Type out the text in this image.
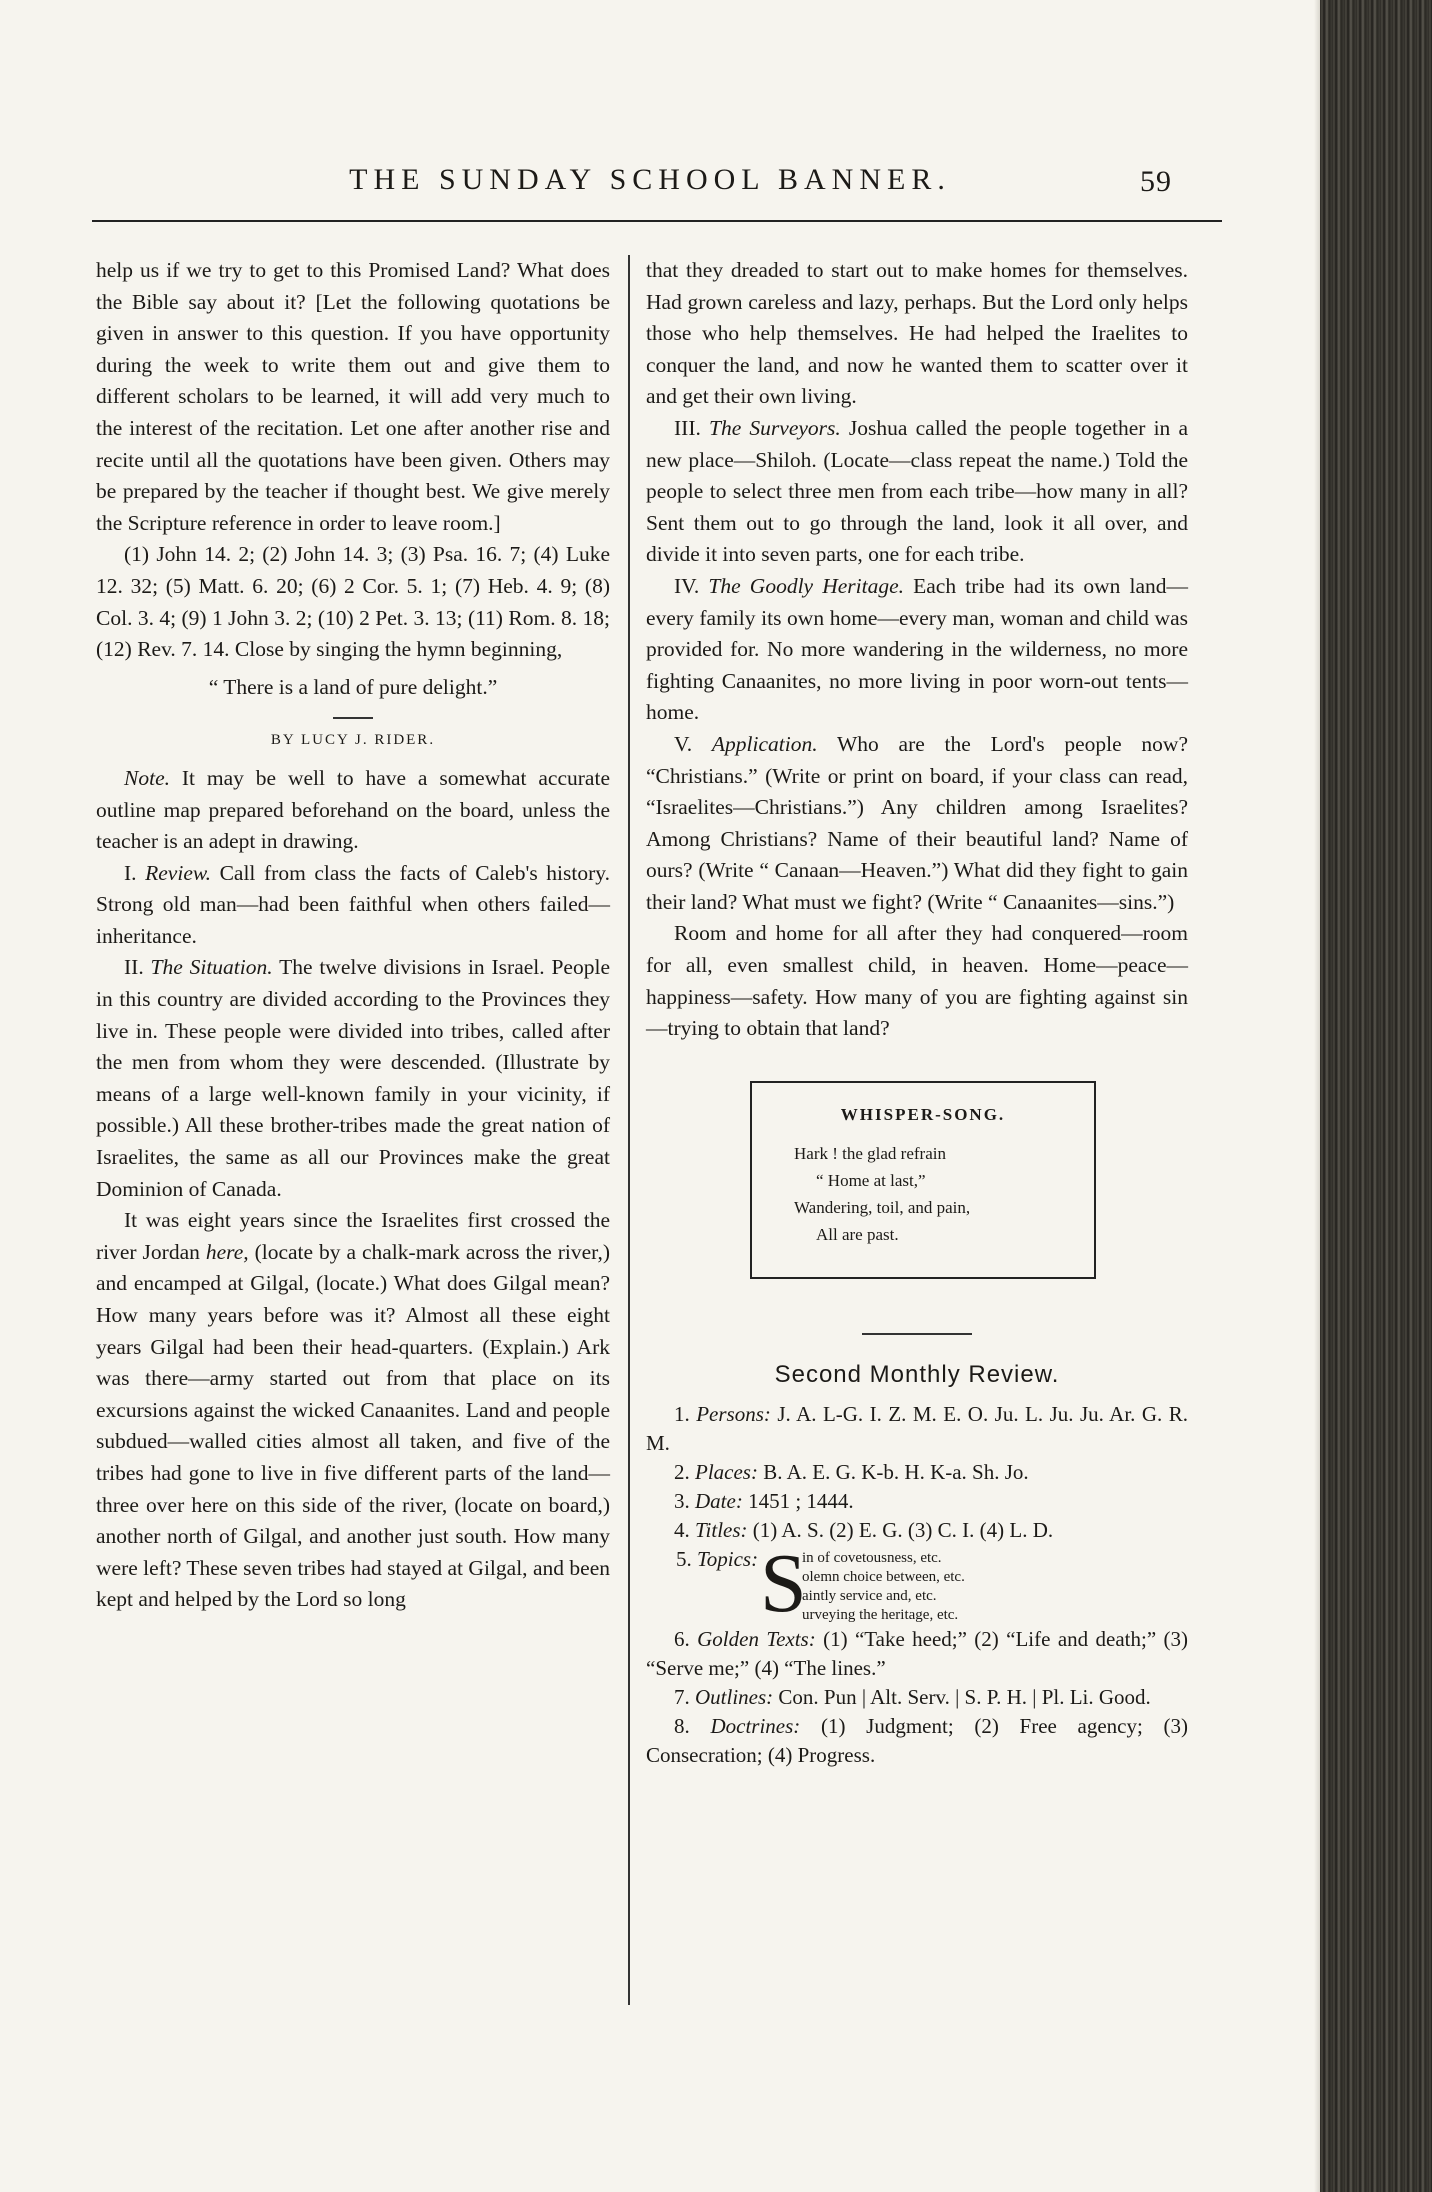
THE SUNDAY SCHOOL BANNER.	59

help us if we try to get to this Promised Land? What does the Bible say about it? [Let the following quotations be given in answer to this question. If you have opportunity during the week to write them out and give them to different scholars to be learned, it will add very much to the interest of the recitation. Let one after another rise and recite until all the quotations have been given. Others may be prepared by the teacher if thought best. We give merely the Scripture reference in order to leave room.]

(1) John 14. 2; (2) John 14. 3; (3) Psa. 16. 7; (4) Luke 12. 32; (5) Matt. 6. 20; (6) 2 Cor. 5. 1; (7) Heb. 4. 9; (8) Col. 3. 4; (9) 1 John 3. 2; (10) 2 Pet. 3. 13; (11) Rom. 8. 18; (12) Rev. 7. 14. Close by singing the hymn beginning,

“ There is a land of pure delight.”

BY LUCY J. RIDER.

Note. It may be well to have a somewhat accurate outline map prepared beforehand on the board, unless the teacher is an adept in drawing.

I. Review. Call from class the facts of Caleb's history. Strong old man—had been faithful when others failed—inheritance.

II. The Situation. The twelve divisions in Israel. People in this country are divided according to the Provinces they live in. These people were divided into tribes, called after the men from whom they were descended. (Illustrate by means of a large well-known family in your vicinity, if possible.) All these brother-tribes made the great nation of Israelites, the same as all our Provinces make the great Dominion of Canada.

It was eight years since the Israelites first crossed the river Jordan here, (locate by a chalk-mark across the river,) and encamped at Gilgal, (locate.) What does Gilgal mean? How many years before was it? Almost all these eight years Gilgal had been their head-quarters. (Explain.) Ark was there—army started out from that place on its excursions against the wicked Canaanites. Land and people subdued—walled cities almost all taken, and five of the tribes had gone to live in five different parts of the land—three over here on this side of the river, (locate on board,) another north of Gilgal, and another just south. How many were left? These seven tribes had stayed at Gilgal, and been kept and helped by the Lord so long

that they dreaded to start out to make homes for themselves. Had grown careless and lazy, perhaps. But the Lord only helps those who help themselves. He had helped the Iraelites to conquer the land, and now he wanted them to scatter over it and get their own living.

III. The Surveyors. Joshua called the people together in a new place—Shiloh. (Locate—class repeat the name.) Told the people to select three men from each tribe—how many in all? Sent them out to go through the land, look it all over, and divide it into seven parts, one for each tribe.

IV. The Goodly Heritage. Each tribe had its own land—every family its own home—every man, woman and child was provided for. No more wandering in the wilderness, no more fighting Canaanites, no more living in poor worn-out tents—home.

V. Application. Who are the Lord's people now? “Christians.” (Write or print on board, if your class can read, “Israelites—Christians.”) Any children among Israelites? Among Christians? Name of their beautiful land? Name of ours? (Write “ Canaan—Heaven.”) What did they fight to gain their land? What must we fight? (Write “ Canaanites—sins.”)

Room and home for all after they had conquered—room for all, even smallest child, in heaven. Home—peace—happiness—safety. How many of you are fighting against sin—trying to obtain that land?

WHISPER-SONG.
Hark ! the glad refrain
“ Home at last,”
Wandering, toil, and pain,
All are past.
Second Monthly Review.

1. Persons: J. A. L-G. I. Z. M. E. O. Ju. L. Ju. Ju. Ar. G. R. M.

2. Places: B. A. E. G. K-b. H. K-a. Sh. Jo.

3. Date: 1451 ; 1444.

4. Titles: (1) A. S. (2) E. G. (3) C. I. (4) L. D.

5. Topics: S
in of covetousness, etc.
olemn choice between, etc.
aintly service and, etc.
urveying the heritage, etc.

6. Golden Texts: (1) “Take heed;” (2) “Life and death;” (3) “Serve me;” (4) “The lines.”

7. Outlines: Con. Pun | Alt. Serv. | S. P. H. | Pl. Li. Good.

8. Doctrines: (1) Judgment; (2) Free agency; (3) Consecration; (4) Progress.
